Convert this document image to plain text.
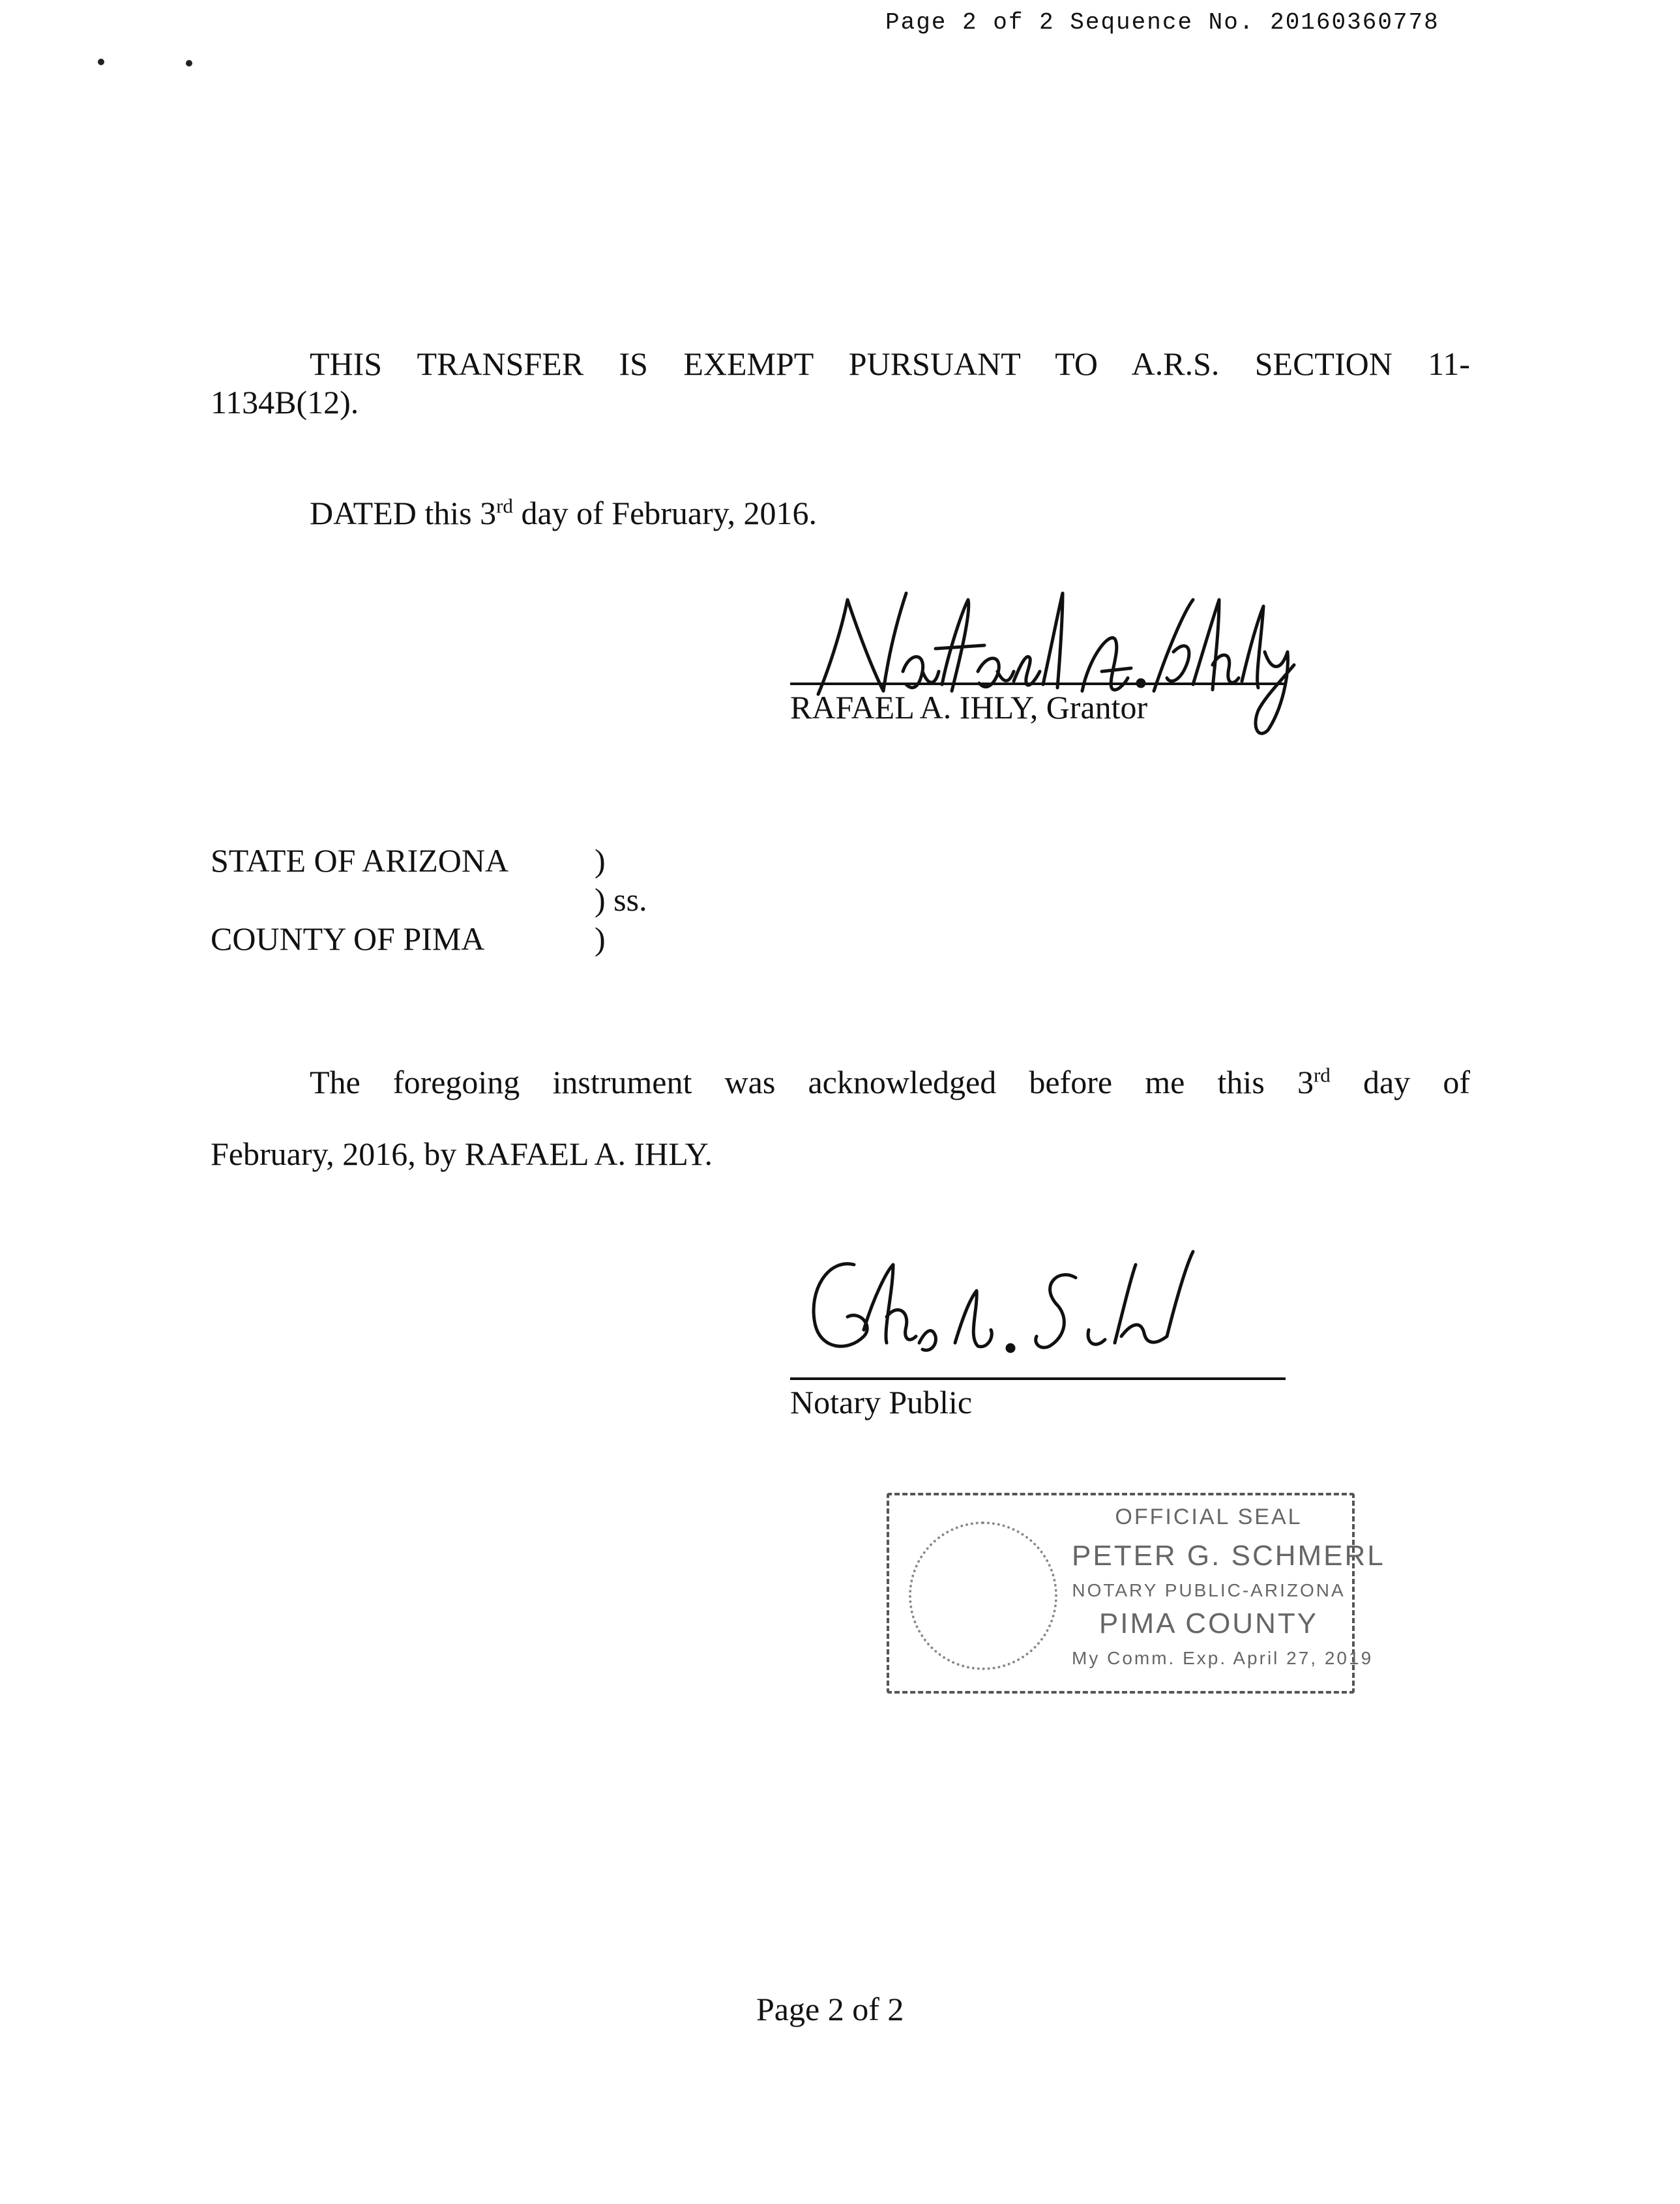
Page 2 of 2 Sequence No. 20160360778
THIS TRANSFER IS EXEMPT PURSUANT TO A.R.S. SECTION 11-
1134B(12).
DATED this 3rd day of February, 2016.
RAFAEL A. IHLY, Grantor
STATE OF ARIZONA	)
) ss.
COUNTY OF PIMA	)
The foregoing instrument was acknowledged before me this 3rd day of
February, 2016, by RAFAEL A. IHLY.
Notary Public
OFFICIAL SEAL
PETER G. SCHMERL
NOTARY PUBLIC-ARIZONA
PIMA COUNTY
My Comm. Exp. April 27, 2019
Page 2 of 2
